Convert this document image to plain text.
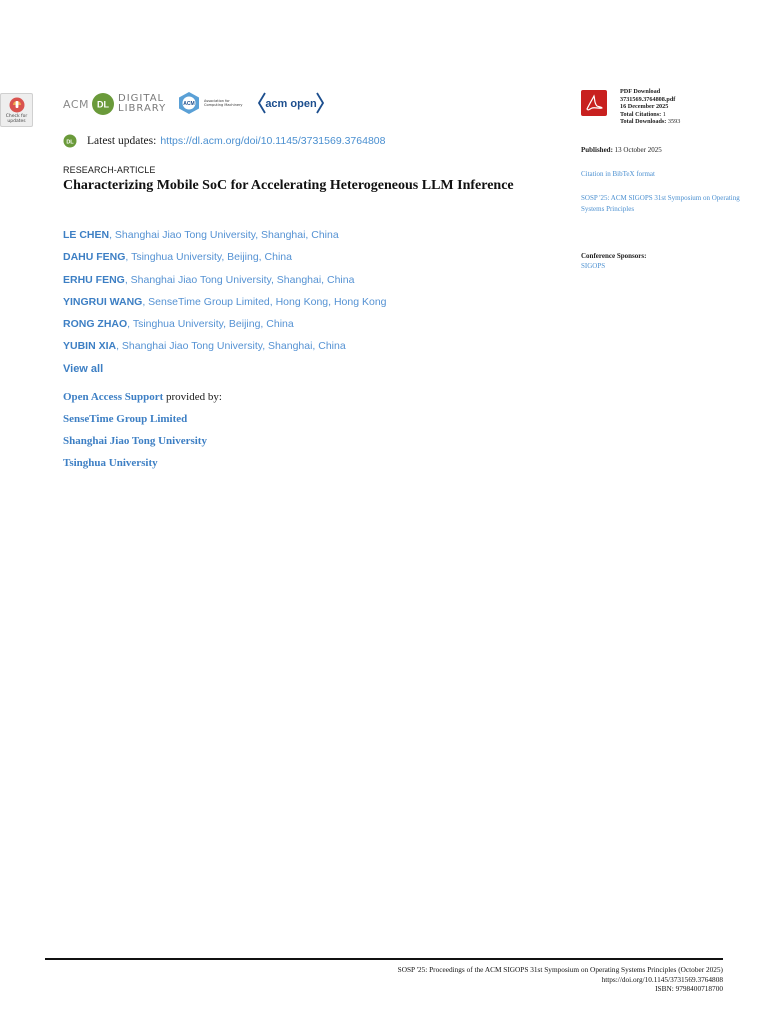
Check for updates
ACM DL
DIGITAL
LIBRARY	ACM
Association for
Computing Machinery	acm open
DL Latest updates: https://dl.acm.org/doi/10.1145/3731569.3764808
RESEARCH-ARTICLE
Characterizing Mobile SoC for Accelerating Heterogeneous LLM Inference
LE CHEN, Shanghai Jiao Tong University, Shanghai, China
DAHU FENG, Tsinghua University, Beijing, China
ERHU FENG, Shanghai Jiao Tong University, Shanghai, China
YINGRUI WANG, SenseTime Group Limited, Hong Kong, Hong Kong
RONG ZHAO, Tsinghua University, Beijing, China
YUBIN XIA, Shanghai Jiao Tong University, Shanghai, China
View all
Open Access Support provided by:
SenseTime Group Limited
Shanghai Jiao Tong University
Tsinghua University
PDF Download
3731569.3764808.pdf
16 December 2025
Total Citations: 1
Total Downloads: 3593
Published: 13 October 2025
Citation in BibTeX format
SOSP '25: ACM SIGOPS 31st Symposium on Operating Systems Principles
Conference Sponsors:
SIGOPS
SOSP '25: Proceedings of the ACM SIGOPS 31st Symposium on Operating Systems Principles (October 2025)
https://doi.org/10.1145/3731569.3764808
ISBN: 9798400718700
